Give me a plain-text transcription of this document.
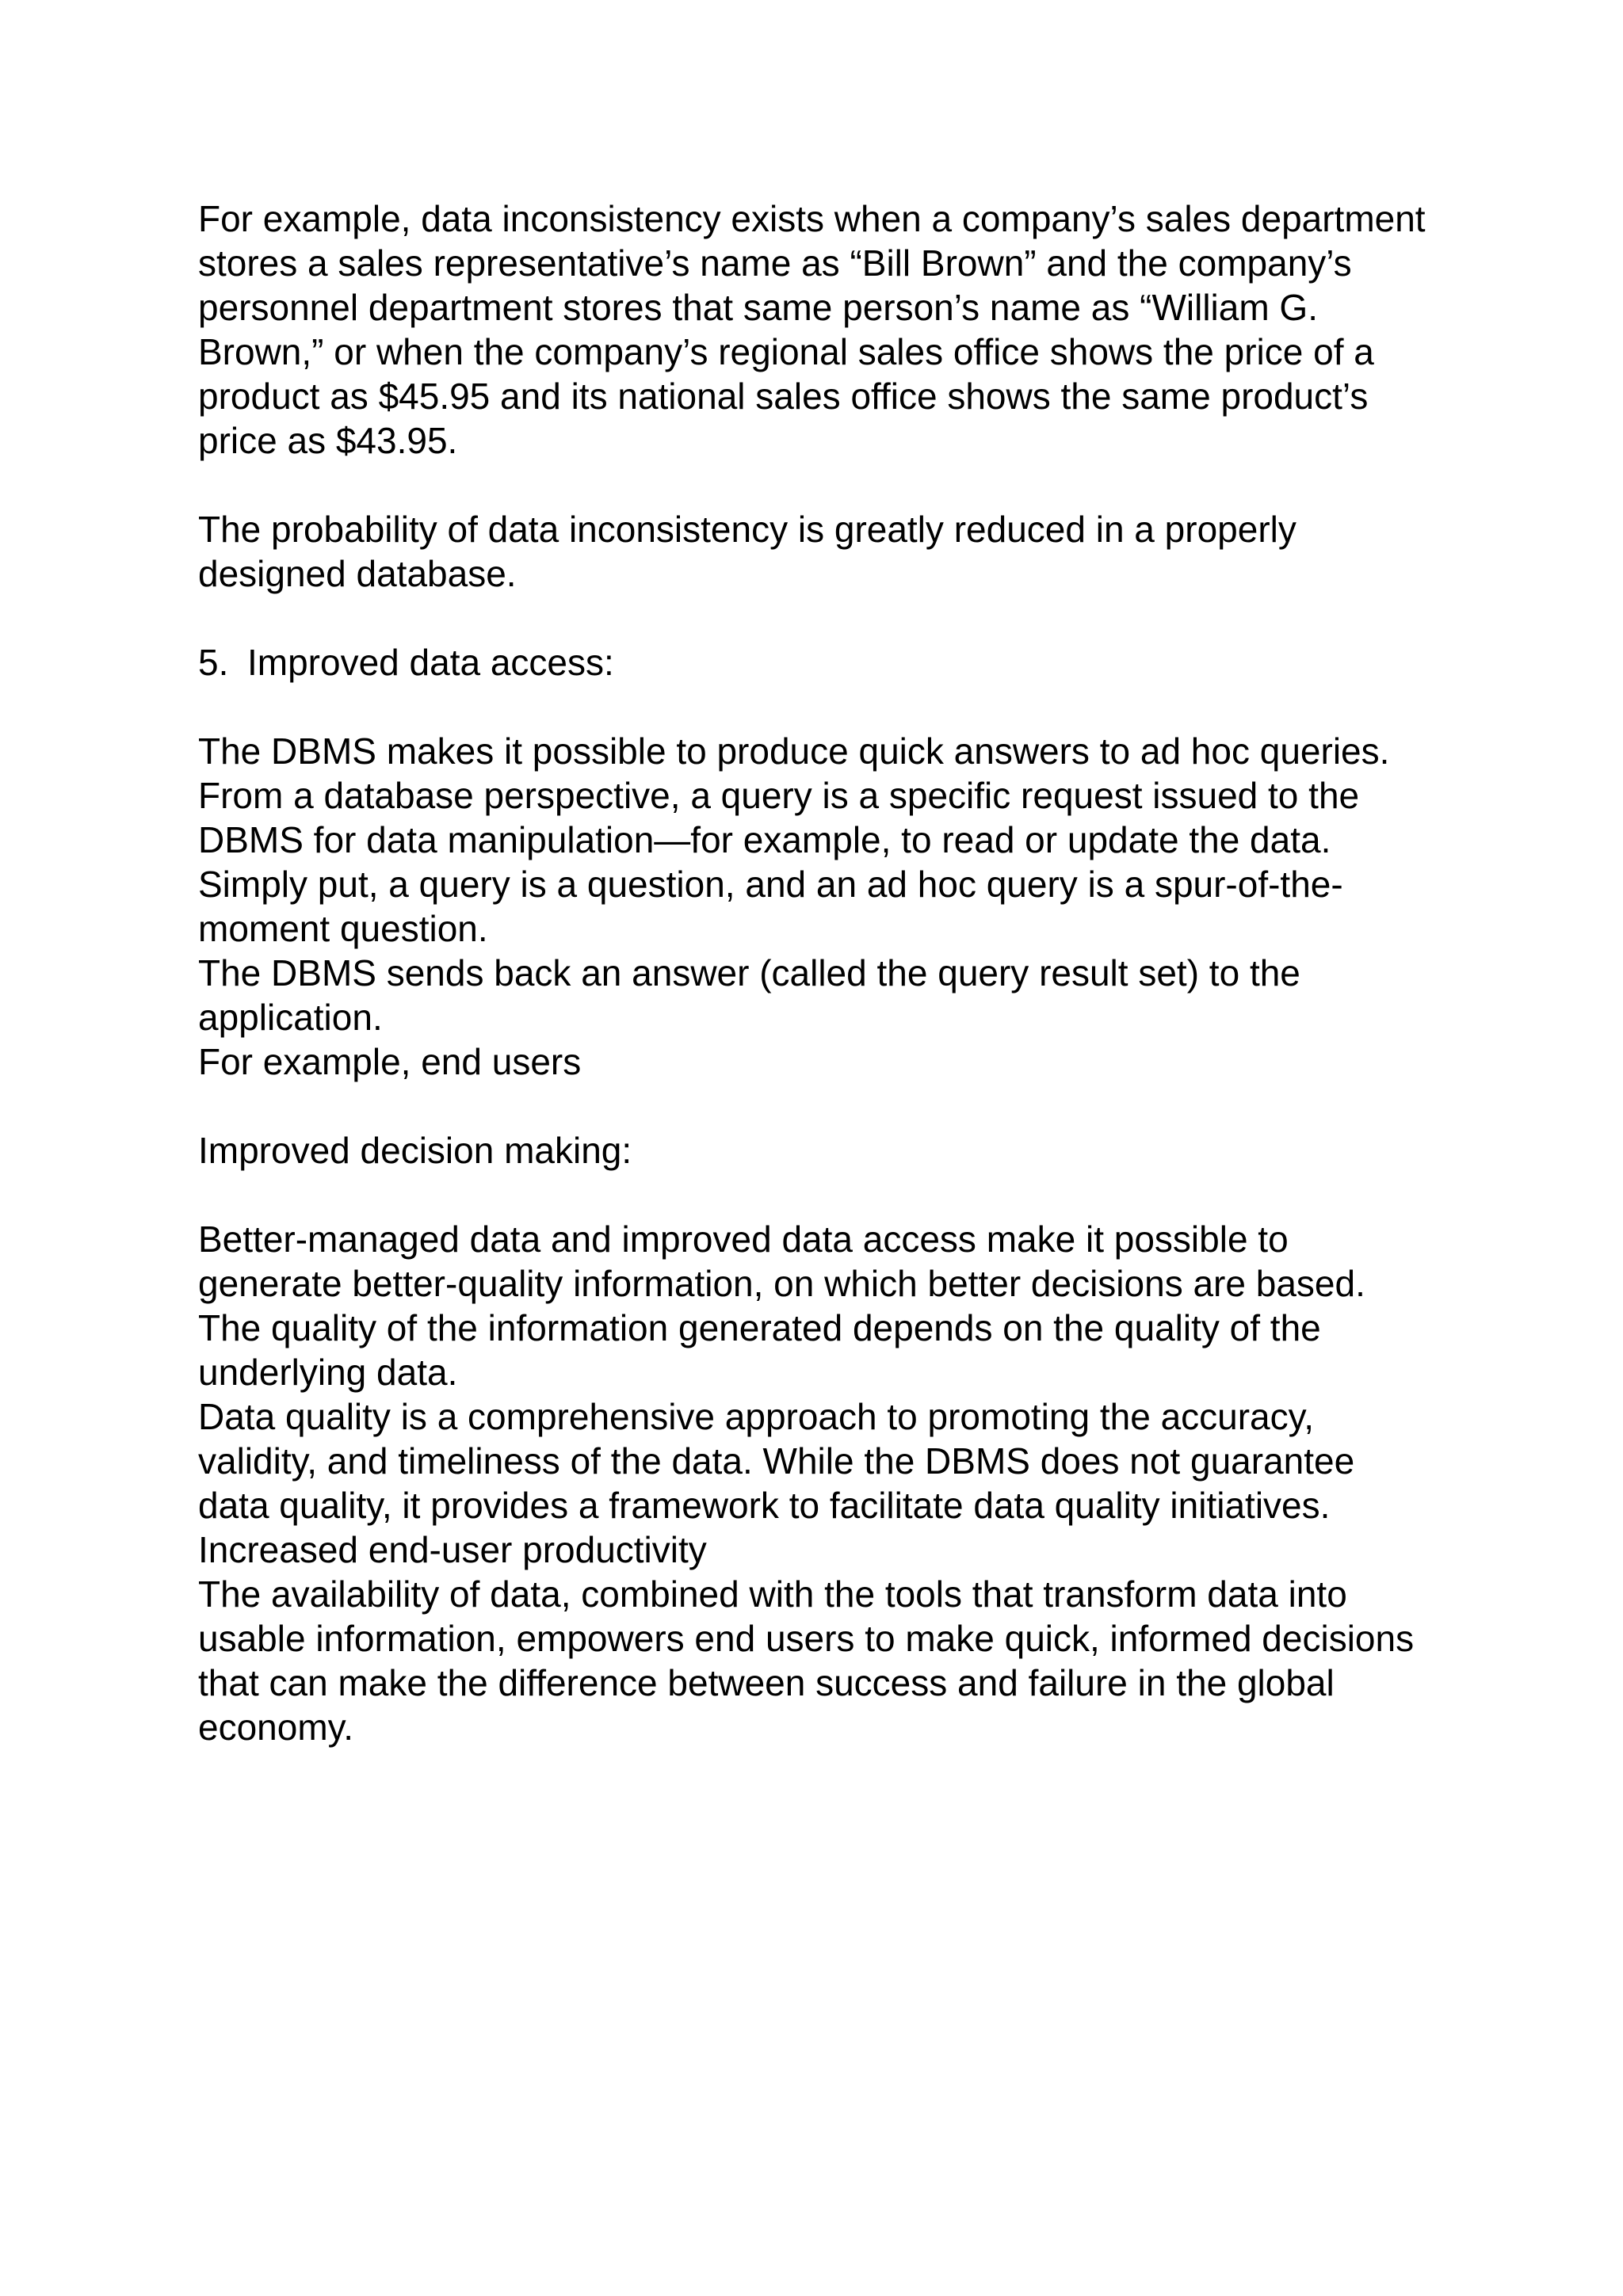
For example, data inconsistency exists when a company’s sales department
stores a sales representative’s name as “Bill Brown” and the company’s
personnel department stores that same person’s name as “William G.
Brown,” or when the company’s regional sales office shows the price of a
product as $45.95 and its national sales office shows the same product’s
price as $43.95.
The probability of data inconsistency is greatly reduced in a properly
designed database.
5. Improved data access:
The DBMS makes it possible to produce quick answers to ad hoc queries.
From a database perspective, a query is a specific request issued to the
DBMS for data manipulation—for example, to read or update the data.
Simply put, a query is a question, and an ad hoc query is a spur-of-the-
moment question.
The DBMS sends back an answer (called the query result set) to the
application.
For example, end users
Improved decision making:
Better-managed data and improved data access make it possible to
generate better-quality information, on which better decisions are based.
The quality of the information generated depends on the quality of the
underlying data.
Data quality is a comprehensive approach to promoting the accuracy,
validity, and timeliness of the data. While the DBMS does not guarantee
data quality, it provides a framework to facilitate data quality initiatives.
Increased end-user productivity
The availability of data, combined with the tools that transform data into
usable information, empowers end users to make quick, informed decisions
that can make the difference between success and failure in the global
economy.
